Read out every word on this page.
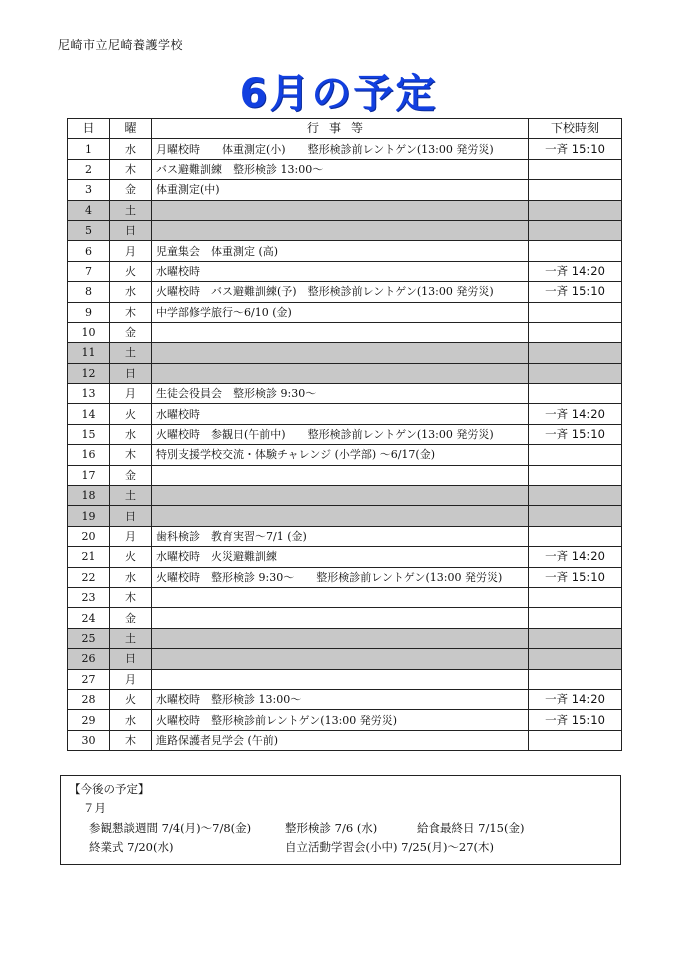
尼崎市立尼崎養護学校
6月の予定
日	曜	行事等	下校時刻
1	水	月曜校時　　体重測定(小)　　整形検診前レントゲン(13:00 発労災)	一斉 15:10
2	木	バス避難訓練　整形検診 13:00～	
3	金	体重測定(中)	
4	土		
5	日		
6	月	児童集会　体重測定 (高)	
7	火	水曜校時	一斉 14:20
8	水	火曜校時　バス避難訓練(予)　整形検診前レントゲン(13:00 発労災)	一斉 15:10
9	木	中学部修学旅行～6/10 (金)	
10	金		
11	土		
12	日		
13	月	生徒会役員会　整形検診 9:30～	
14	火	水曜校時	一斉 14:20
15	水	火曜校時　参観日(午前中)　　整形検診前レントゲン(13:00 発労災)	一斉 15:10
16	木	特別支援学校交流・体験チャレンジ (小学部) ～6/17(金)	
17	金		
18	土		
19	日		
20	月	歯科検診　教育実習～7/1 (金)	
21	火	水曜校時　火災避難訓練	一斉 14:20
22	水	火曜校時　整形検診 9:30～　　整形検診前レントゲン(13:00 発労災)	一斉 15:10
23	木		
24	金		
25	土		
26	日		
27	月		
28	火	水曜校時　整形検診 13:00～	一斉 14:20
29	水	火曜校時　整形検診前レントゲン(13:00 発労災)	一斉 15:10
30	木	進路保護者見学会 (午前)	
【今後の予定】
７月
参観懇談週間 7/4(月)～7/8(金)	整形検診 7/6 (水)	給食最終日 7/15(金)
終業式 7/20(水)	自立活動学習会(小中) 7/25(月)～27(木)
